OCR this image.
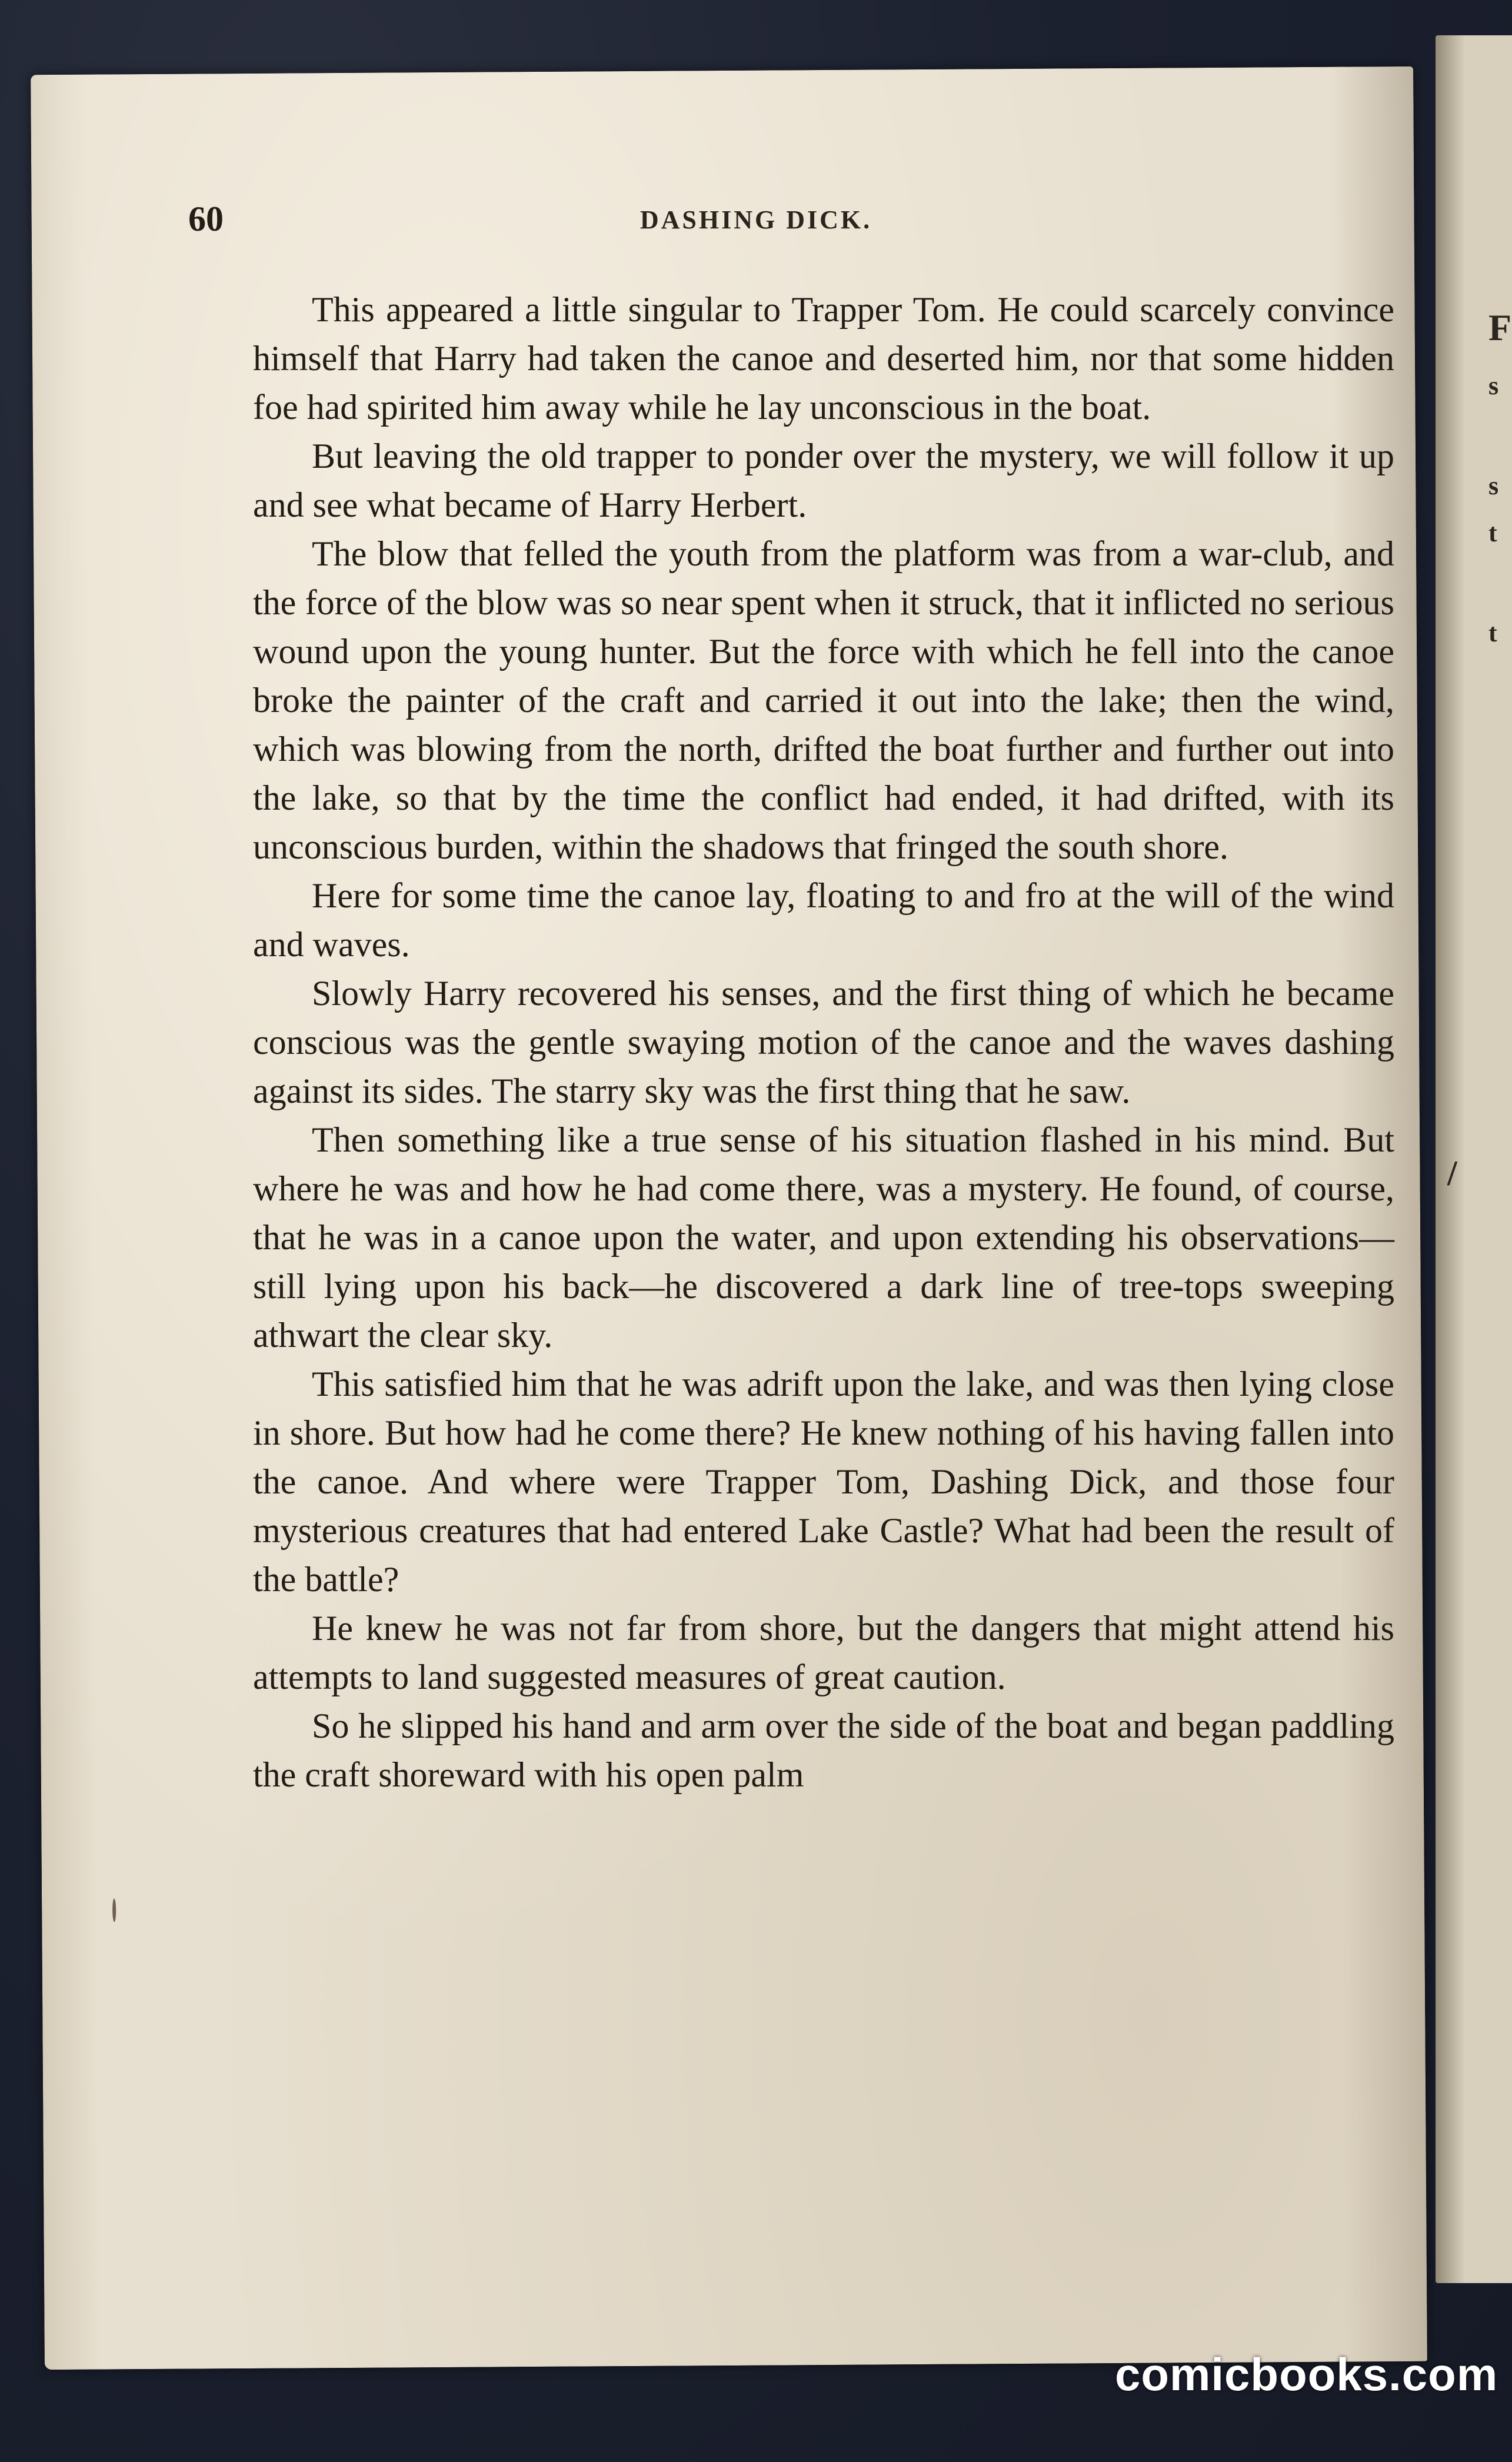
F
s
s
t
t
/
60	DASHING DICK.

This appeared a little singular to Trapper Tom. He could scarcely convince himself that Harry had taken the canoe and deserted him, nor that some hidden foe had spirited him away while he lay unconscious in the boat.

But leaving the old trapper to ponder over the mystery, we will follow it up and see what became of Harry Herbert.

The blow that felled the youth from the platform was from a war-club, and the force of the blow was so near spent when it struck, that it inflicted no serious wound upon the young hunter. But the force with which he fell into the canoe broke the painter of the craft and carried it out into the lake; then the wind, which was blowing from the north, drifted the boat further and further out into the lake, so that by the time the conflict had ended, it had drifted, with its unconscious burden, within the shadows that fringed the south shore.

Here for some time the canoe lay, floating to and fro at the will of the wind and waves.

Slowly Harry recovered his senses, and the first thing of which he became conscious was the gentle swaying motion of the canoe and the waves dashing against its sides. The starry sky was the first thing that he saw.

Then something like a true sense of his situation flashed in his mind. But where he was and how he had come there, was a mystery. He found, of course, that he was in a canoe upon the water, and upon extending his observations—still lying upon his back—he discovered a dark line of tree-tops sweeping athwart the clear sky.

This satisfied him that he was adrift upon the lake, and was then lying close in shore. But how had he come there? He knew nothing of his having fallen into the canoe. And where were Trapper Tom, Dashing Dick, and those four mysterious creatures that had entered Lake Castle? What had been the result of the battle?

He knew he was not far from shore, but the dangers that might attend his attempts to land suggested measures of great caution.

So he slipped his hand and arm over the side of the boat and began paddling the craft shoreward with his open palm

comicbooks.com
